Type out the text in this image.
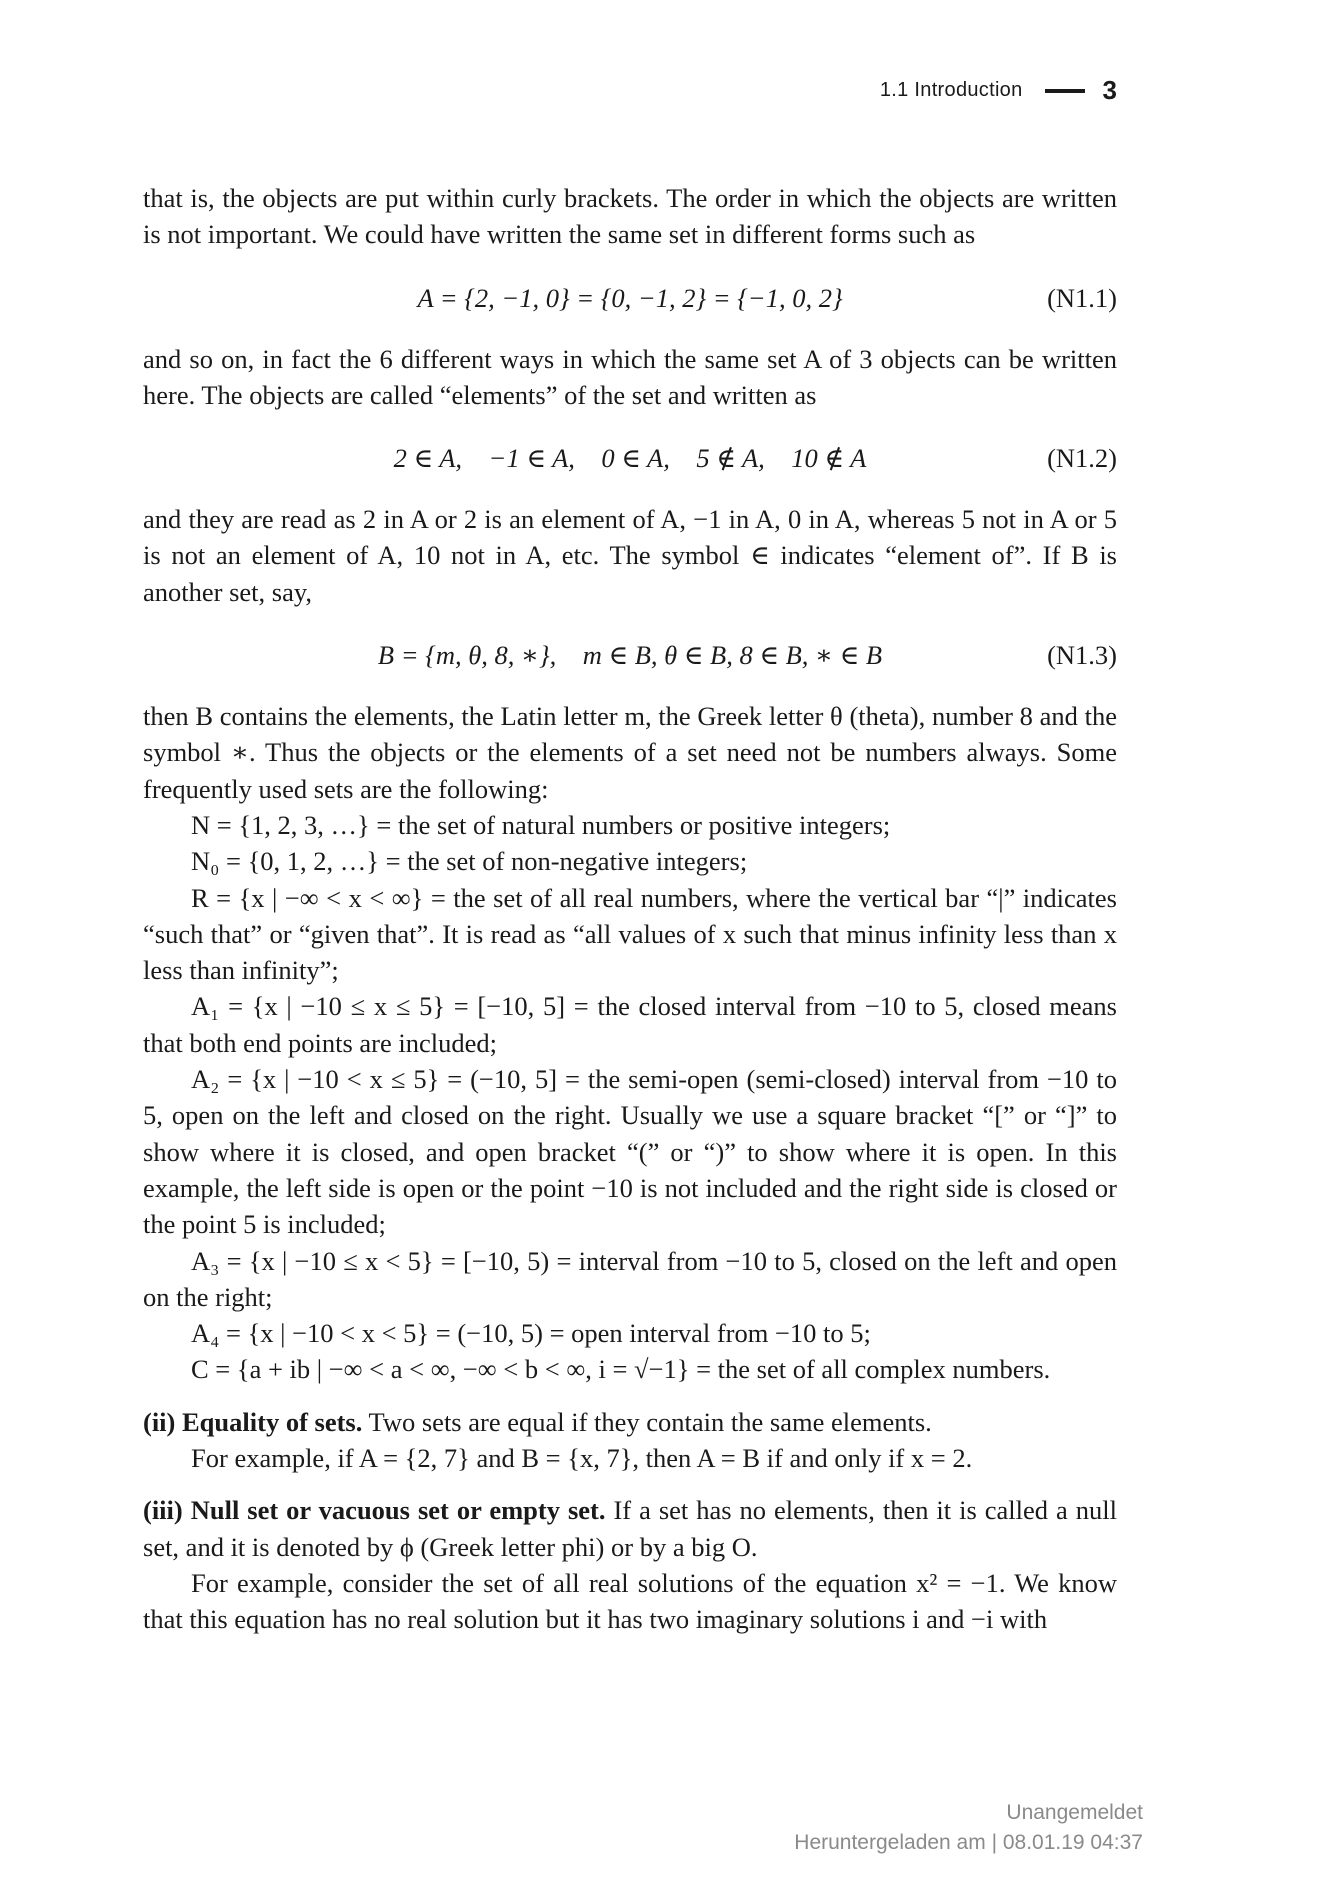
1.1 Introduction	3

that is, the objects are put within curly brackets. The order in which the objects are written is not important. We could have written the same set in different forms such as

A = {2, −1, 0} = {0, −1, 2} = {−1, 0, 2}	(N1.1)

and so on, in fact the 6 different ways in which the same set A of 3 objects can be written here. The objects are called “elements” of the set and written as

2 ∈ A,    −1 ∈ A,    0 ∈ A,    5 ∉ A,    10 ∉ A	(N1.2)

and they are read as 2 in A or 2 is an element of A, −1 in A, 0 in A, whereas 5 not in A or 5 is not an element of A, 10 not in A, etc. The symbol ∈ indicates “element of”. If B is another set, say,

B = {m, θ, 8, ∗},    m ∈ B, θ ∈ B, 8 ∈ B, ∗ ∈ B	(N1.3)

then B contains the elements, the Latin letter m, the Greek letter θ (theta), number 8 and the symbol ∗. Thus the objects or the elements of a set need not be numbers always. Some frequently used sets are the following:

N = {1, 2, 3, …} = the set of natural numbers or positive integers;

N₀ = {0, 1, 2, …} = the set of non-negative integers;

R = {x | −∞ < x < ∞} = the set of all real numbers, where the vertical bar “|” indicates “such that” or “given that”. It is read as “all values of x such that minus infinity less than x less than infinity”;

A₁ = {x | −10 ≤ x ≤ 5} = [−10, 5] = the closed interval from −10 to 5, closed means that both end points are included;

A₂ = {x | −10 < x ≤ 5} = (−10, 5] = the semi-open (semi-closed) interval from −10 to 5, open on the left and closed on the right. Usually we use a square bracket “[” or “]” to show where it is closed, and open bracket “(” or “)” to show where it is open. In this example, the left side is open or the point −10 is not included and the right side is closed or the point 5 is included;

A₃ = {x | −10 ≤ x < 5} = [−10, 5) = interval from −10 to 5, closed on the left and open on the right;

A₄ = {x | −10 < x < 5} = (−10, 5) = open interval from −10 to 5;

C = {a + ib | −∞ < a < ∞, −∞ < b < ∞, i = √−1} = the set of all complex numbers.

(ii) Equality of sets. Two sets are equal if they contain the same elements.

For example, if A = {2, 7} and B = {x, 7}, then A = B if and only if x = 2.

(iii) Null set or vacuous set or empty set. If a set has no elements, then it is called a null set, and it is denoted by ϕ (Greek letter phi) or by a big O.

For example, consider the set of all real solutions of the equation x² = −1. We know that this equation has no real solution but it has two imaginary solutions i and −i with

Unangemeldet
Heruntergeladen am | 08.01.19 04:37
